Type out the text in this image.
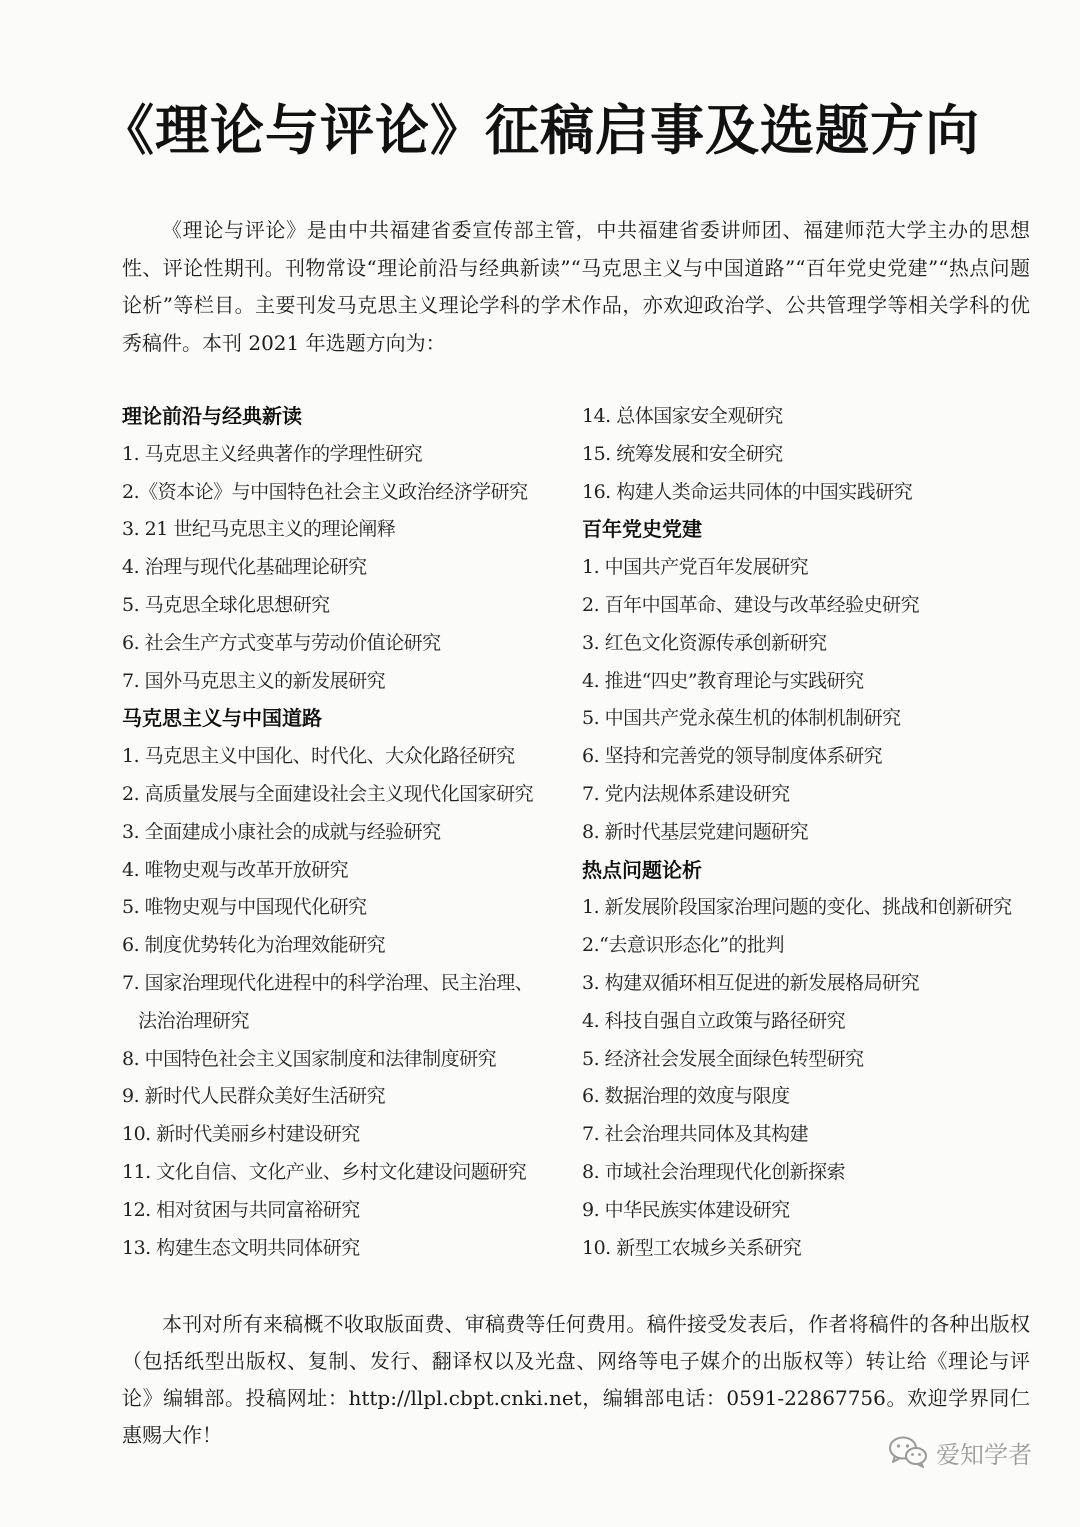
《理论与评论》征稿启事及选题方向
《理论与评论》是由中共福建省委宣传部主管，中共福建省委讲师团、福建师范大学主办的思想性、评论性期刊。刊物常设“理论前沿与经典新读”“马克思主义与中国道路”“百年党史党建”“热点问题论析”等栏目。主要刊发马克思主义理论学科的学术作品，亦欢迎政治学、公共管理学等相关学科的优秀稿件。本刊 2021 年选题方向为：
理论前沿与经典新读
1. 马克思主义经典著作的学理性研究
2.《资本论》与中国特色社会主义政治经济学研究
3. 21 世纪马克思主义的理论阐释
4. 治理与现代化基础理论研究
5. 马克思全球化思想研究
6. 社会生产方式变革与劳动价值论研究
7. 国外马克思主义的新发展研究
马克思主义与中国道路
1. 马克思主义中国化、时代化、大众化路径研究
2. 高质量发展与全面建设社会主义现代化国家研究
3. 全面建成小康社会的成就与经验研究
4. 唯物史观与改革开放研究
5. 唯物史观与中国现代化研究
6. 制度优势转化为治理效能研究
7. 国家治理现代化进程中的科学治理、民主治理、
法治治理研究
8. 中国特色社会主义国家制度和法律制度研究
9. 新时代人民群众美好生活研究
10. 新时代美丽乡村建设研究
11. 文化自信、文化产业、乡村文化建设问题研究
12. 相对贫困与共同富裕研究
13. 构建生态文明共同体研究
14. 总体国家安全观研究
15. 统筹发展和安全研究
16. 构建人类命运共同体的中国实践研究
百年党史党建
1. 中国共产党百年发展研究
2. 百年中国革命、建设与改革经验史研究
3. 红色文化资源传承创新研究
4. 推进“四史”教育理论与实践研究
5. 中国共产党永葆生机的体制机制研究
6. 坚持和完善党的领导制度体系研究
7. 党内法规体系建设研究
8. 新时代基层党建问题研究
热点问题论析
1. 新发展阶段国家治理问题的变化、挑战和创新研究
2.“去意识形态化”的批判
3. 构建双循环相互促进的新发展格局研究
4. 科技自强自立政策与路径研究
5. 经济社会发展全面绿色转型研究
6. 数据治理的效度与限度
7. 社会治理共同体及其构建
8. 市域社会治理现代化创新探索
9. 中华民族实体建设研究
10. 新型工农城乡关系研究
本刊对所有来稿概不收取版面费、审稿费等任何费用。稿件接受发表后，作者将稿件的各种出版权（包括纸型出版权、复制、发行、翻译权以及光盘、网络等电子媒介的出版权等）转让给《理论与评论》编辑部。投稿网址：http://llpl.cbpt.cnki.net，编辑部电话：0591-22867756。欢迎学界同仁惠赐大作！
爱知学者
